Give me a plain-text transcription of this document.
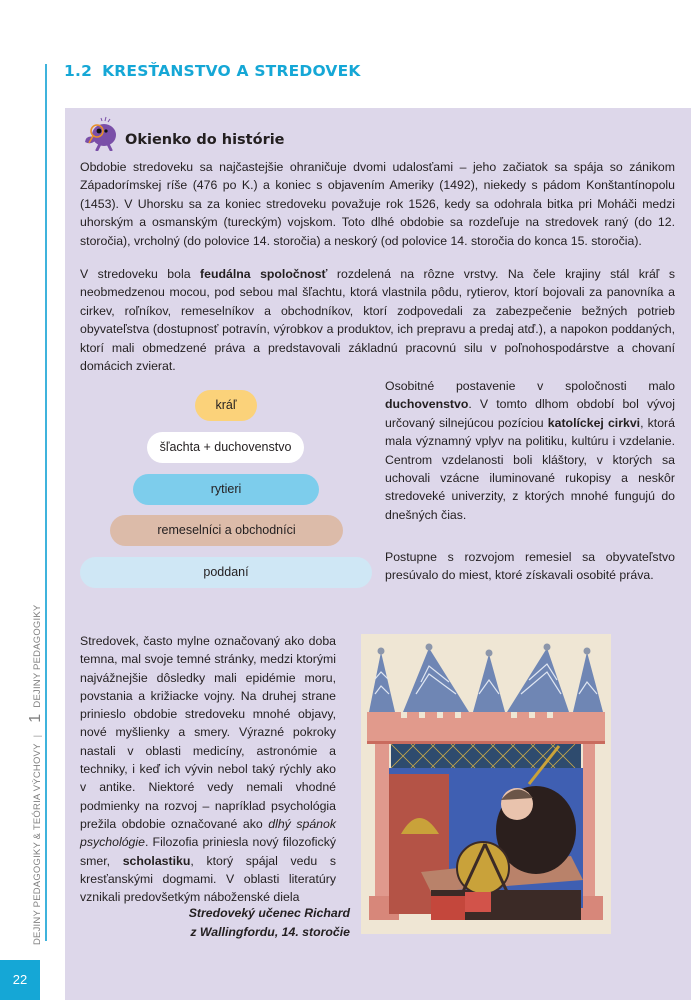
1.2 KRESŤANSTVO A STREDOVEK
Okienko do histórie
Obdobie stredoveku sa najčastejšie ohraničuje dvomi udalosťami – jeho začiatok sa spája so zánikom Západorímskej ríše (476 po K.) a koniec s objavením Ameriky (1492), niekedy s pádom Konštantínopolu (1453). V Uhorsku sa za koniec stredoveku považuje rok 1526, kedy sa odohrala bitka pri Moháči medzi uhorským a osmanským (tureckým) vojskom. Toto dlhé obdobie sa rozdeľuje na stredovek raný (do 12. storočia), vrcholný (do polovice 14. storočia) a neskorý (od polovice 14. storočia do konca 15. storočia).
V stredoveku bola feudálna spoločnosť rozdelená na rôzne vrstvy. Na čele krajiny stál kráľ s neobmedzenou mocou, pod sebou mal šľachtu, ktorá vlastnila pôdu, rytierov, ktorí bojovali za panovníka a cirkev, roľníkov, remeselníkov a obchodníkov, ktorí zodpovedali za zabezpečenie bežných potrieb obyvateľstva (dostupnosť potravín, výrobkov a produktov, ich prepravu a predaj atď.), a napokon poddaných, ktorí mali obmedzené práva a predstavovali základnú pracovnú silu v poľnohospodárstve a chovaní domácich zvierat.
kráľ
šľachta + duchovenstvo
rytieri
remeselníci a obchodníci
poddaní
Osobitné postavenie v spoločnosti malo duchovenstvo. V tomto dlhom období bol vývoj určovaný silnejúcou pozíciou katolíckej cirkvi, ktorá mala významný vplyv na politiku, kultúru i vzdelanie. Centrom vzdelanosti boli kláštory, v ktorých sa uchovali vzácne iluminované rukopisy a neskôr stredoveké univerzity, z ktorých mnohé fungujú do dnešných čias.
Postupne s rozvojom remesiel sa obyvateľstvo presúvalo do miest, ktoré získavali osobité práva.
Stredovek, často mylne označovaný ako doba temna, mal svoje temné stránky, medzi ktorými najvážnejšie dôsledky mali epidémie moru, povstania a križiacke vojny. Na druhej strane prinieslo obdobie stredoveku mnohé objavy, nové myšlienky a smery. Výrazné pokroky nastali v oblasti medicíny, astronómie a techniky, i keď ich vývin nebol taký rýchly ako v antike. Niektoré vedy nemali vhodné podmienky na rozvoj – napríklad psychológia prežila obdobie označované ako dlhý spánok psychológie. Filozofia priniesla nový filozofický smer, scholastiku, ktorý spájal vedu s kresťanskými dogmami. V oblasti literatúry vznikali predovšetkým náboženské diela
Stredoveký učenec Richard
z Wallingfordu, 14. storočie
DEJINY PEDAGOGIKY & TEÓRIA VÝCHOVY|1DEJINY PEDAGOGIKY
22
